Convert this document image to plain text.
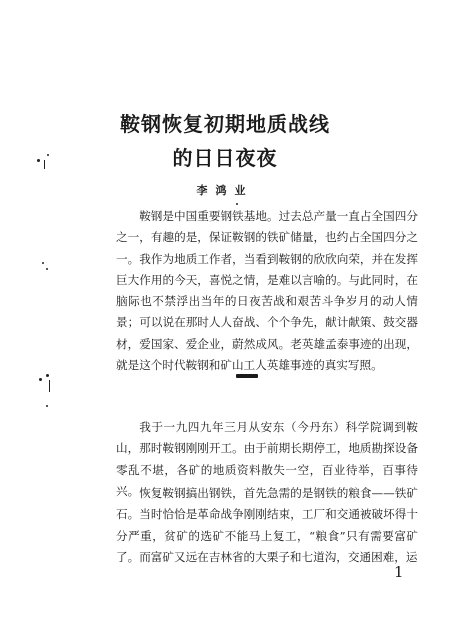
鞍钢恢复初期地质战线
的日日夜夜
李鸿业

鞍钢是中国重要钢铁基地。过去总产量一直占全国四分之一，有趣的是，保证鞍钢的铁矿储量，也约占全国四分之一。我作为地质工作者，当看到鞍钢的欣欣向荣，并在发挥巨大作用的今天，喜悦之情，是难以言喻的。与此同时，在脑际也不禁浮出当年的日夜苦战和艰苦斗争岁月的动人情景；可以说在那时人人奋战、个个争先，献计献策、鼓交器材，爱国家、爱企业，蔚然成风。老英雄孟泰事迹的出现，就是这个时代鞍钢和矿山工人英雄事迹的真实写照。

我于一九四九年三月从安东（今丹东）科学院调到鞍山，那时鞍钢刚刚开工。由于前期长期停工，地质勘探设备零乱不堪，各矿的地质资料散失一空，百业待举，百事待兴。 恢复鞍钢搞出钢铁，首先急需的是钢铁的粮食——铁矿石。当时恰恰是革命战争刚刚结束，工厂和交通被破坏得十分严重，贫矿的选矿不能马上复工，“粮食”只有需要富矿了。而富矿又远在吉林省的大栗子和七道沟，交通困难，运

1
